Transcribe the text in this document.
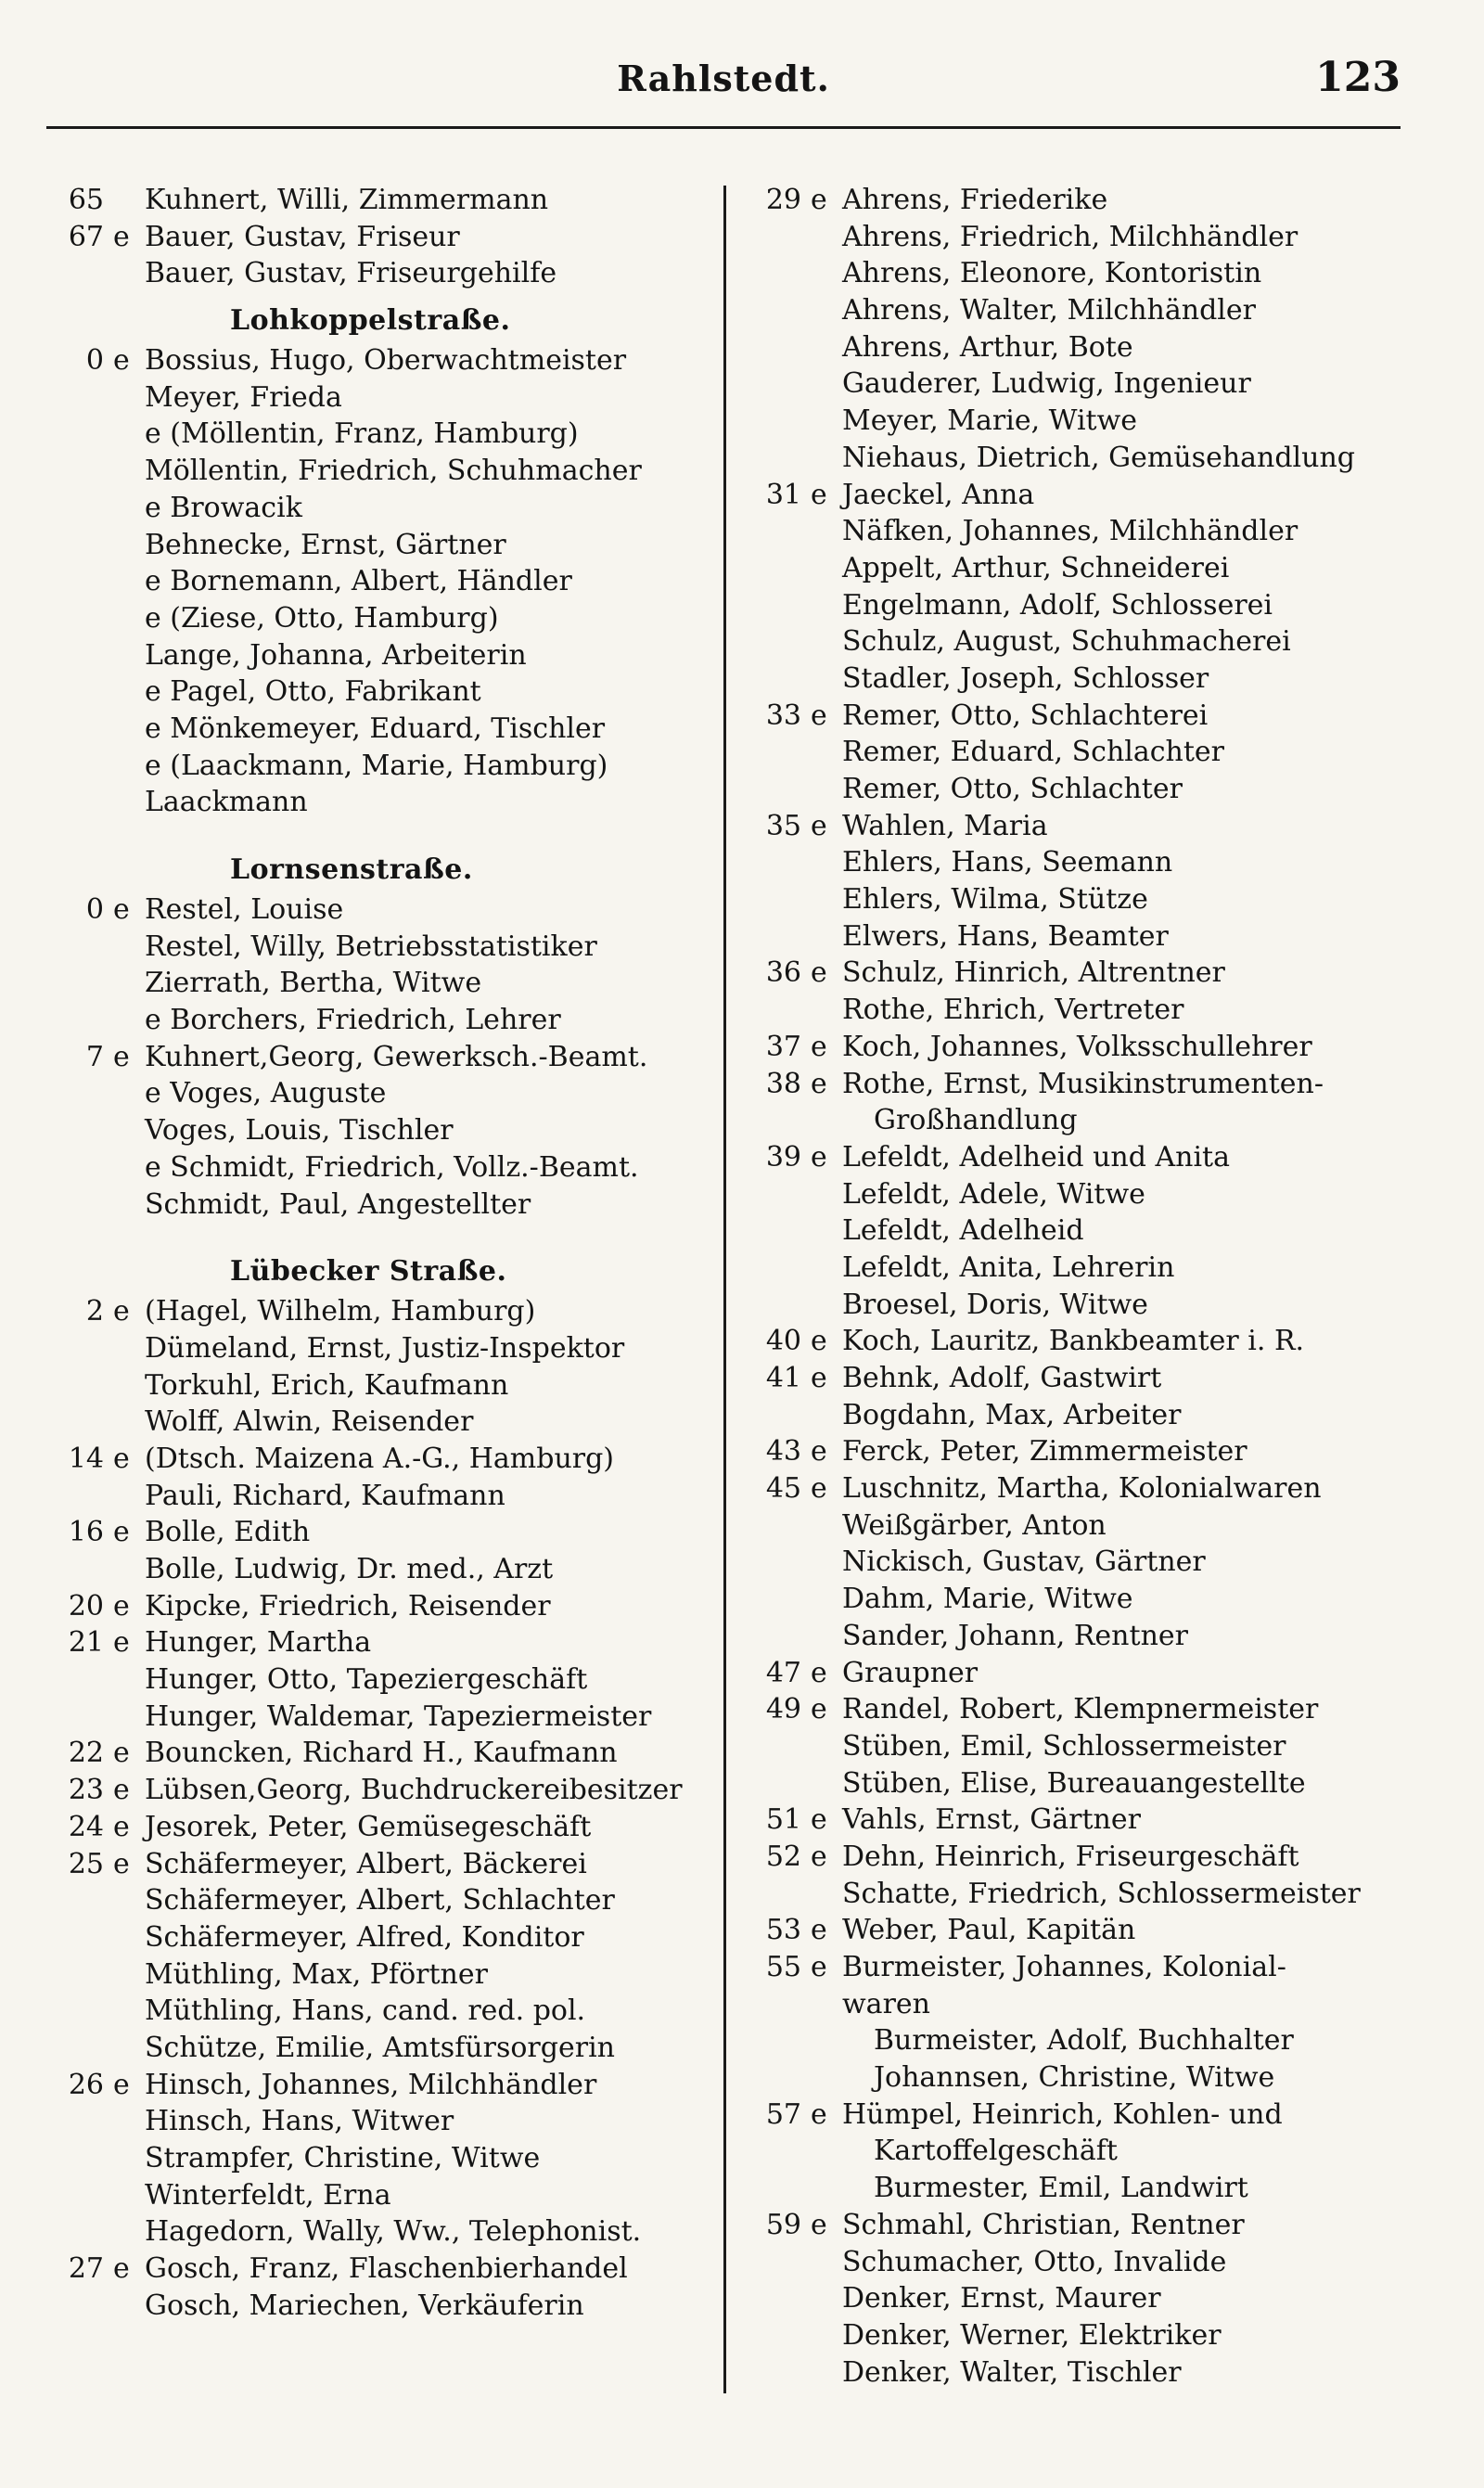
Rahlstedt.	123
65 Kuhnert, Willi, Zimmermann
67 e Bauer, Gustav, Friseur
Bauer, Gustav, Friseurgehilfe
Lohkoppelstraße.
0 e Bossius, Hugo, Oberwachtmeister
Meyer, Frieda
e (Möllentin, Franz, Hamburg)
Möllentin, Friedrich, Schuhmacher
e Browacik
Behnecke, Ernst, Gärtner
e Bornemann, Albert, Händler
e (Ziese, Otto, Hamburg)
Lange, Johanna, Arbeiterin
e Pagel, Otto, Fabrikant
e Mönkemeyer, Eduard, Tischler
e (Laackmann, Marie, Hamburg)
Laackmann
Lornsenstraße.
0 e Restel, Louise
Restel, Willy, Betriebsstatistiker
Zierrath, Bertha, Witwe
e Borchers, Friedrich, Lehrer
7 e Kuhnert,Georg, Gewerksch.-Beamt.
e Voges, Auguste
Voges, Louis, Tischler
e Schmidt, Friedrich, Vollz.-Beamt.
Schmidt, Paul, Angestellter
Lübecker Straße.
2 e (Hagel, Wilhelm, Hamburg)
Dümeland, Ernst, Justiz-Inspektor
Torkuhl, Erich, Kaufmann
Wolff, Alwin, Reisender
14 e (Dtsch. Maizena A.-G., Hamburg)
Pauli, Richard, Kaufmann
16 e Bolle, Edith
Bolle, Ludwig, Dr. med., Arzt
20 e Kipcke, Friedrich, Reisender
21 e Hunger, Martha
Hunger, Otto, Tapeziergeschäft
Hunger, Waldemar, Tapeziermeister
22 e Bouncken, Richard H., Kaufmann
23 e Lübsen,Georg, Buchdruckereibesitzer
24 e Jesorek, Peter, Gemüsegeschäft
25 e Schäfermeyer, Albert, Bäckerei
Schäfermeyer, Albert, Schlachter
Schäfermeyer, Alfred, Konditor
Müthling, Max, Pförtner
Müthling, Hans, cand. red. pol.
Schütze, Emilie, Amtsfürsorgerin
26 e Hinsch, Johannes, Milchhändler
Hinsch, Hans, Witwer
Strampfer, Christine, Witwe
Winterfeldt, Erna
Hagedorn, Wally, Ww., Telephonist.
27 e Gosch, Franz, Flaschenbierhandel
Gosch, Mariechen, Verkäuferin
29 e Ahrens, Friederike
Ahrens, Friedrich, Milchhändler
Ahrens, Eleonore, Kontoristin
Ahrens, Walter, Milchhändler
Ahrens, Arthur, Bote
Gauderer, Ludwig, Ingenieur
Meyer, Marie, Witwe
Niehaus, Dietrich, Gemüsehandlung
31 e Jaeckel, Anna
Näfken, Johannes, Milchhändler
Appelt, Arthur, Schneiderei
Engelmann, Adolf, Schlosserei
Schulz, August, Schuhmacherei
Stadler, Joseph, Schlosser
33 e Remer, Otto, Schlachterei
Remer, Eduard, Schlachter
Remer, Otto, Schlachter
35 e Wahlen, Maria
Ehlers, Hans, Seemann
Ehlers, Wilma, Stütze
Elwers, Hans, Beamter
36 e Schulz, Hinrich, Altrentner
Rothe, Ehrich, Vertreter
37 e Koch, Johannes, Volksschullehrer
38 e Rothe, Ernst, Musikinstrumenten-
Großhandlung
39 e Lefeldt, Adelheid und Anita
Lefeldt, Adele, Witwe
Lefeldt, Adelheid
Lefeldt, Anita, Lehrerin
Broesel, Doris, Witwe
40 e Koch, Lauritz, Bankbeamter i. R.
41 e Behnk, Adolf, Gastwirt
Bogdahn, Max, Arbeiter
43 e Ferck, Peter, Zimmermeister
45 e Luschnitz, Martha, Kolonialwaren
Weißgärber, Anton
Nickisch, Gustav, Gärtner
Dahm, Marie, Witwe
Sander, Johann, Rentner
47 e Graupner
49 e Randel, Robert, Klempnermeister
Stüben, Emil, Schlossermeister
Stüben, Elise, Bureauangestellte
51 e Vahls, Ernst, Gärtner
52 e Dehn, Heinrich, Friseurgeschäft
Schatte, Friedrich, Schlossermeister
53 e Weber, Paul, Kapitän
55 e Burmeister, Johannes, Kolonial-
waren
Burmeister, Adolf, Buchhalter
Johannsen, Christine, Witwe
57 e Hümpel, Heinrich, Kohlen- und
Kartoffelgeschäft
Burmester, Emil, Landwirt
59 e Schmahl, Christian, Rentner
Schumacher, Otto, Invalide
Denker, Ernst, Maurer
Denker, Werner, Elektriker
Denker, Walter, Tischler
